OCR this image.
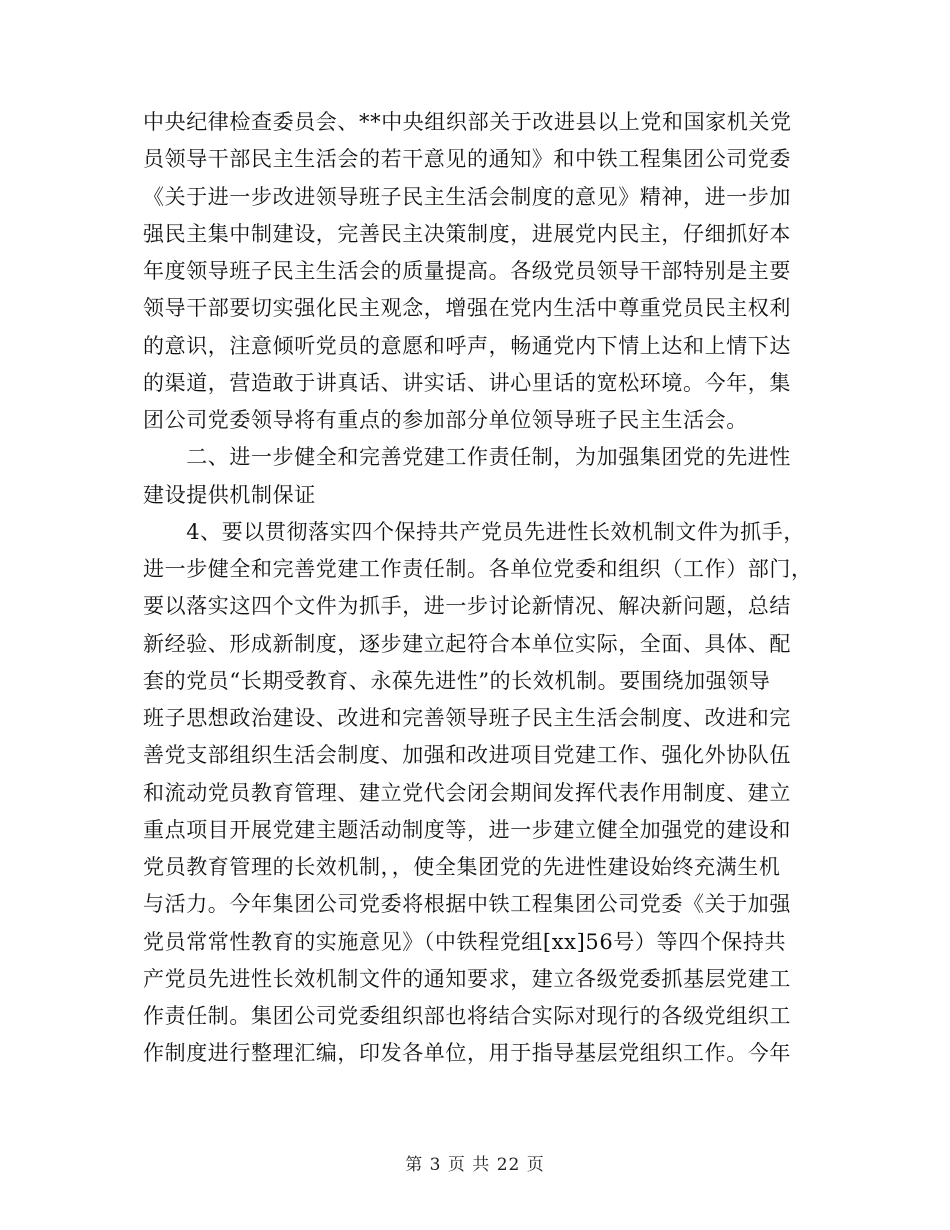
中央纪律检查委员会、**中央组织部关于改进县以上党和国家机关党
员领导干部民主生活会的若干意见的通知》和中铁工程集团公司党委
《关于进一步改进领导班子民主生活会制度的意见》精神，进一步加
强民主集中制建设，完善民主决策制度，进展党内民主，仔细抓好本
年度领导班子民主生活会的质量提高。各级党员领导干部特别是主要
领导干部要切实强化民主观念，增强在党内生活中尊重党员民主权利
的意识，注意倾听党员的意愿和呼声，畅通党内下情上达和上情下达
的渠道，营造敢于讲真话、讲实话、讲心里话的宽松环境。今年，集
团公司党委领导将有重点的参加部分单位领导班子民主生活会。
　　二、进一步健全和完善党建工作责任制，为加强集团党的先进性
建设提供机制保证
　　4、要以贯彻落实四个保持共产党员先进性长效机制文件为抓手，
进一步健全和完善党建工作责任制。各单位党委和组织（工作）部门，
要以落实这四个文件为抓手，进一步讨论新情况、解决新问题，总结
新经验、形成新制度，逐步建立起符合本单位实际，全面、具体、配
套的党员“长期受教育、永葆先进性”的长效机制。要围绕加强领导
班子思想政治建设、改进和完善领导班子民主生活会制度、改进和完
善党支部组织生活会制度、加强和改进项目党建工作、强化外协队伍
和流动党员教育管理、建立党代会闭会期间发挥代表作用制度、建立
重点项目开展党建主题活动制度等，进一步建立健全加强党的建设和
党员教育管理的长效机制，，使全集团党的先进性建设始终充满生机
与活力。今年集团公司党委将根据中铁工程集团公司党委《关于加强
党员常常性教育的实施意见》（中铁程党组[xx]56号）等四个保持共
产党员先进性长效机制文件的通知要求，建立各级党委抓基层党建工
作责任制。集团公司党委组织部也将结合实际对现行的各级党组织工
作制度进行整理汇编，印发各单位，用于指导基层党组织工作。今年
第 3 页 共 22 页
